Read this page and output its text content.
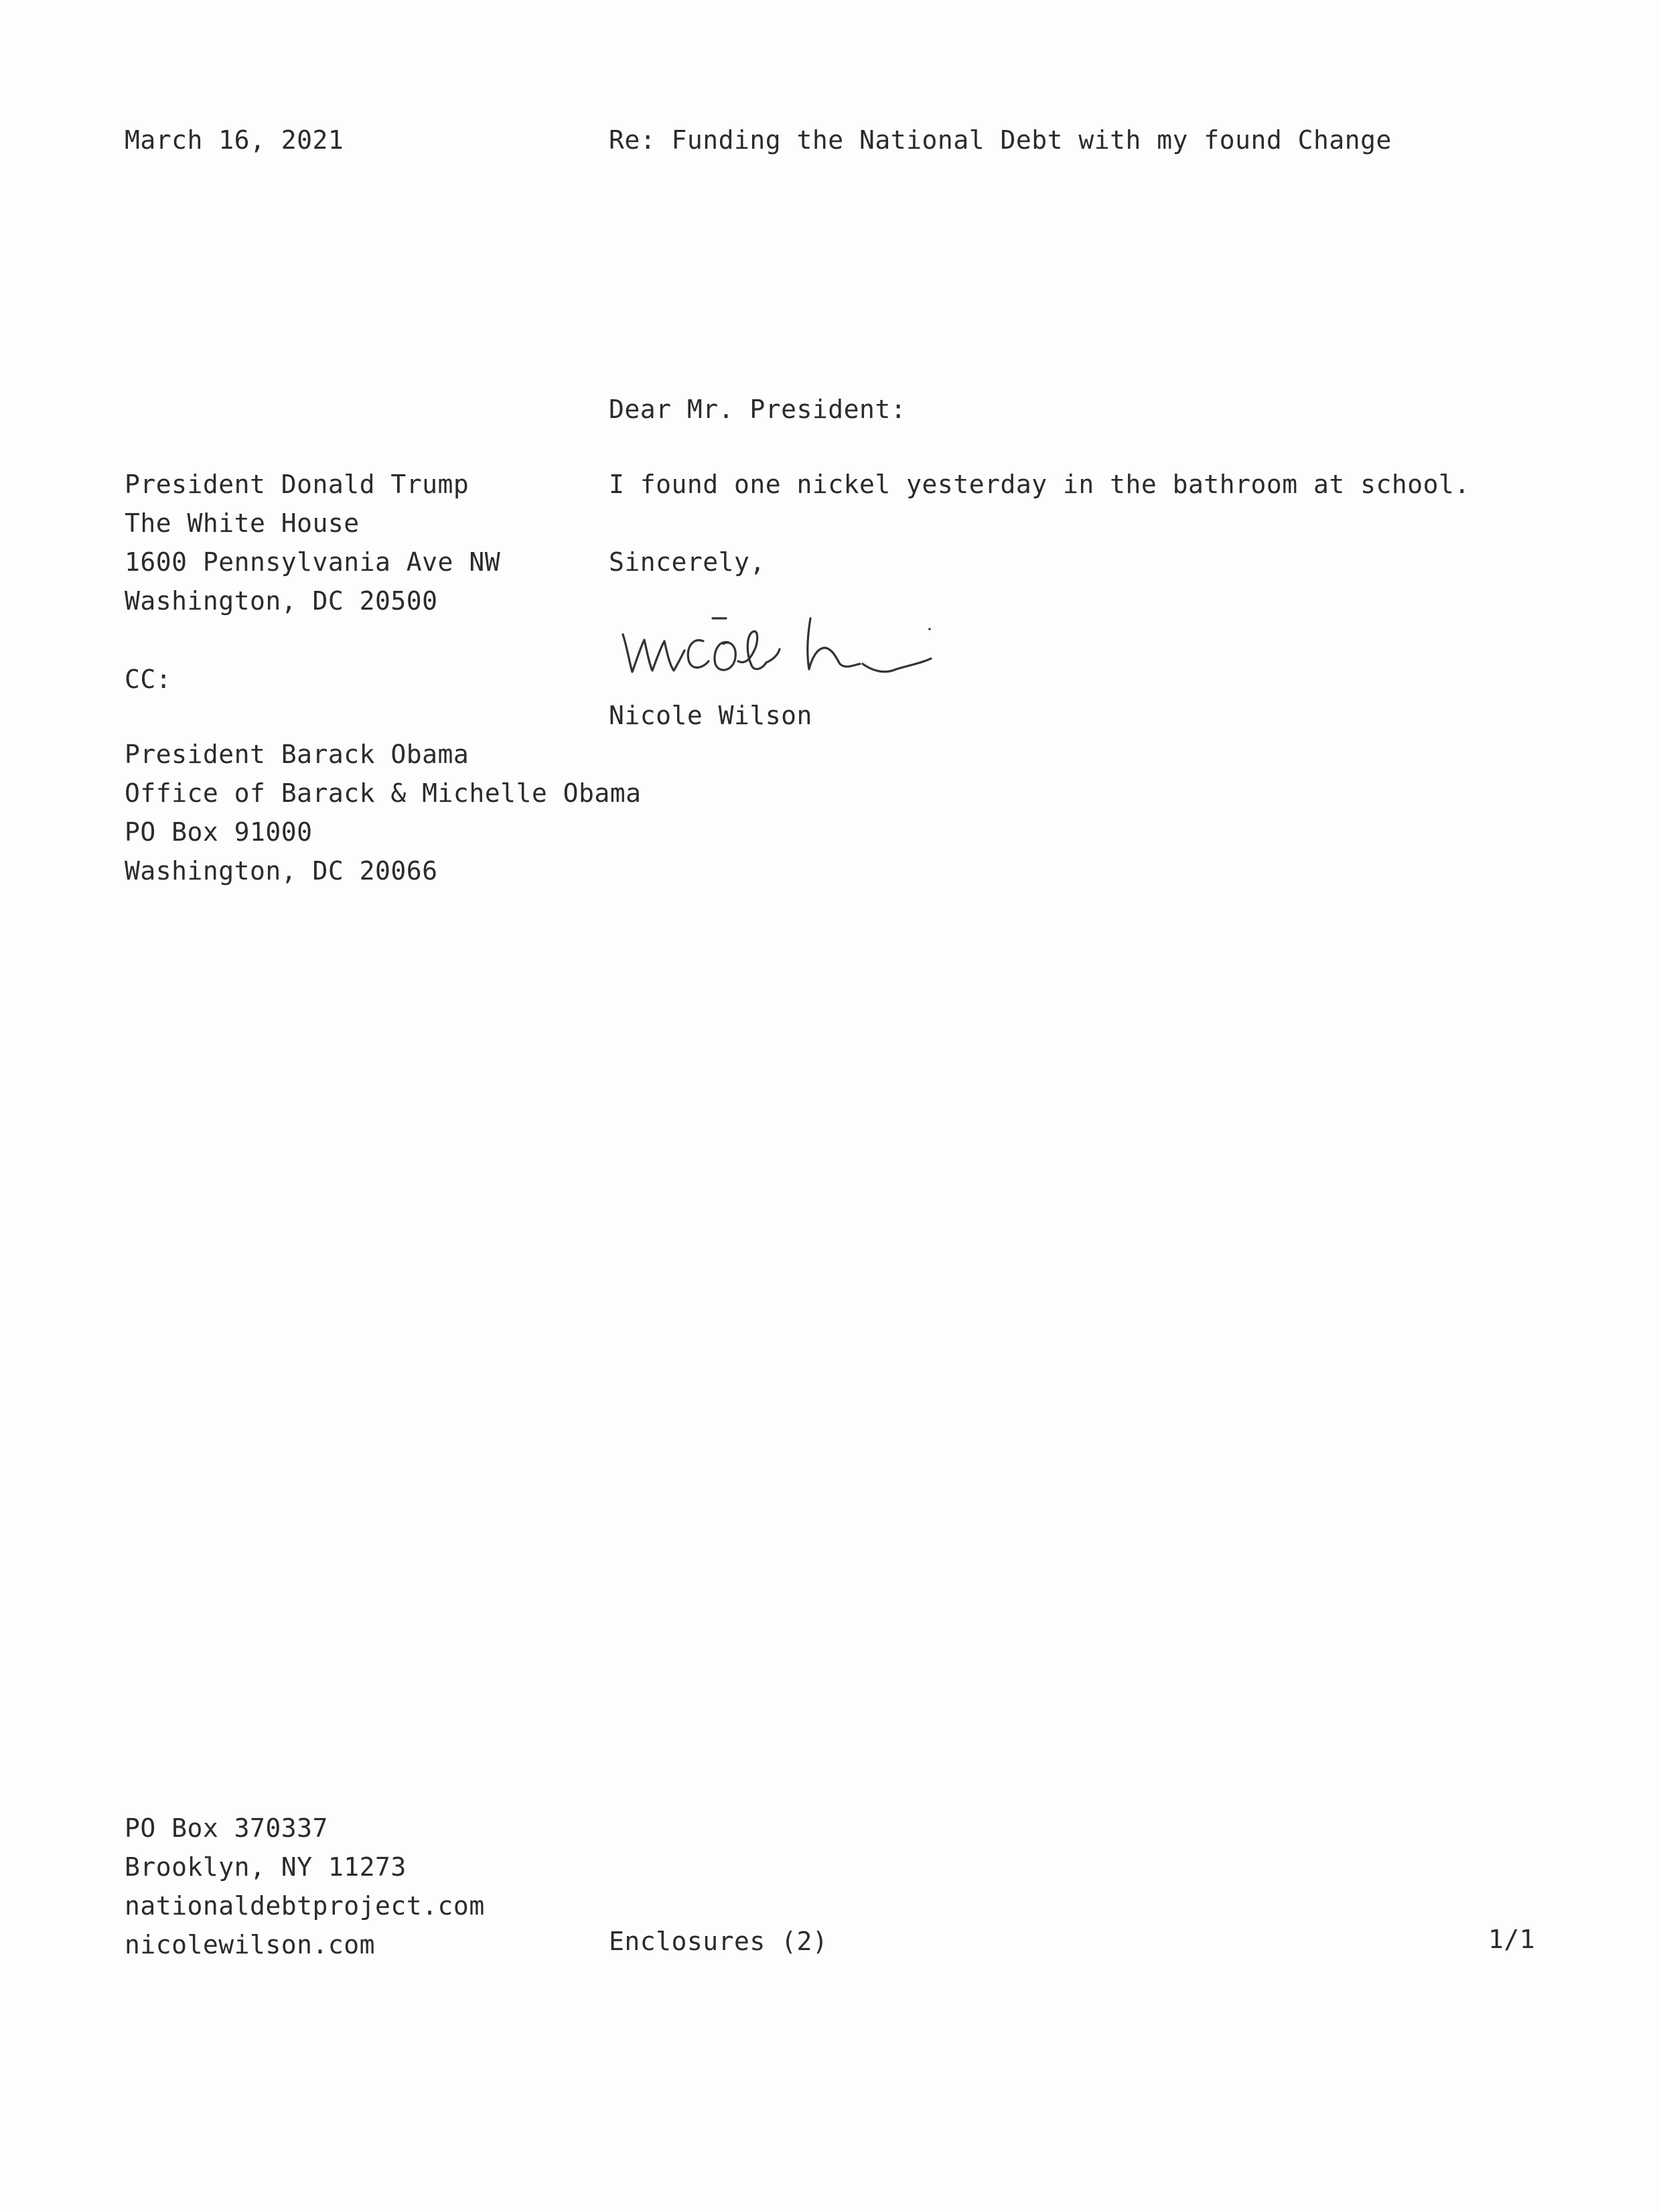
March 16, 2021	Re: Funding the National Debt with my found Change
Dear Mr. President:
President Donald Trump
The White House
1600 Pennsylvania Ave NW
Washington, DC 20500
I found one nickel yesterday in the bathroom at school.
Sincerely,
Nicole Wilson
CC:
President Barack Obama
Office of Barack & Michelle Obama
PO Box 91000
Washington, DC 20066
PO Box 370337
Brooklyn, NY 11273
nationaldebtproject.com
nicolewilson.com	Enclosures (2)	1/1
